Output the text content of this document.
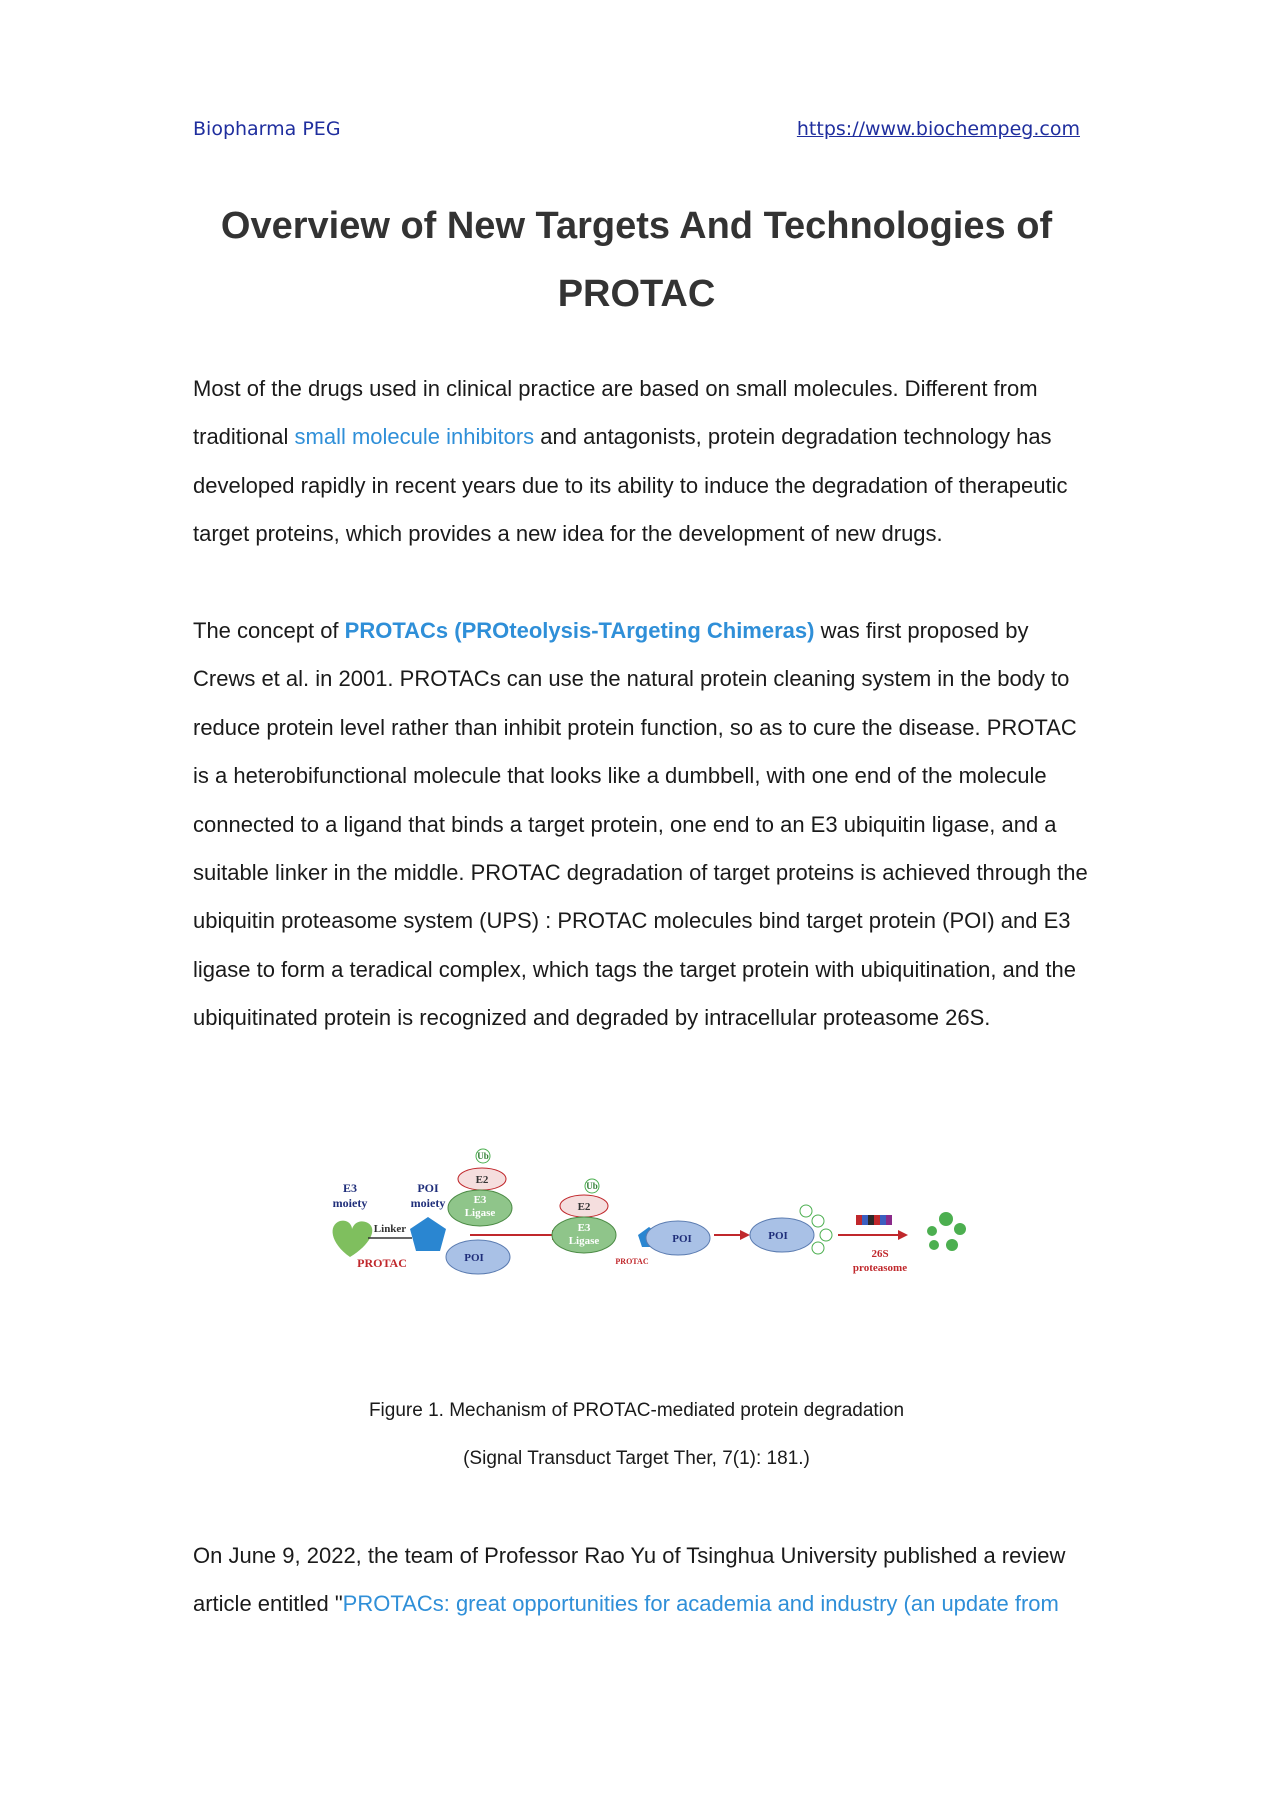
Biopharma PEG	https://www.biochempeg.com
Overview of New Targets And Technologies of
PROTAC

Most of the drugs used in clinical practice are based on small molecules. Different from traditional small molecule inhibitors and antagonists, protein degradation technology has developed rapidly in recent years due to its ability to induce the degradation of therapeutic target proteins, which provides a new idea for the development of new drugs.

The concept of PROTACs (PROteolysis-TArgeting Chimeras) was first proposed by Crews et al. in 2001. PROTACs can use the natural protein cleaning system in the body to reduce protein level rather than inhibit protein function, so as to cure the disease. PROTAC is a heterobifunctional molecule that looks like a dumbbell, with one end of the molecule connected to a ligand that binds a target protein, one end to an E3 ubiquitin ligase, and a suitable linker in the middle. PROTAC degradation of target proteins is achieved through the ubiquitin proteasome system (UPS) : PROTAC molecules bind target protein (POI) and E3 ligase to form a teradical complex, which tags the target protein with ubiquitination, and the ubiquitinated protein is recognized and degraded by intracellular proteasome 26S.

E3
moiety
POI
moiety
Linker
PROTAC
Ub
E2
E3
Ligase
POI
Ub
E2
E3
Ligase
PROTAC
POI	POI
26S
proteasome
Figure 1. Mechanism of PROTAC-mediated protein degradation
(Signal Transduct Target Ther, 7(1): 181.)

On June 9, 2022, the team of Professor Rao Yu of Tsinghua University published a review article entitled "PROTACs: great opportunities for academia and industry (an update from
